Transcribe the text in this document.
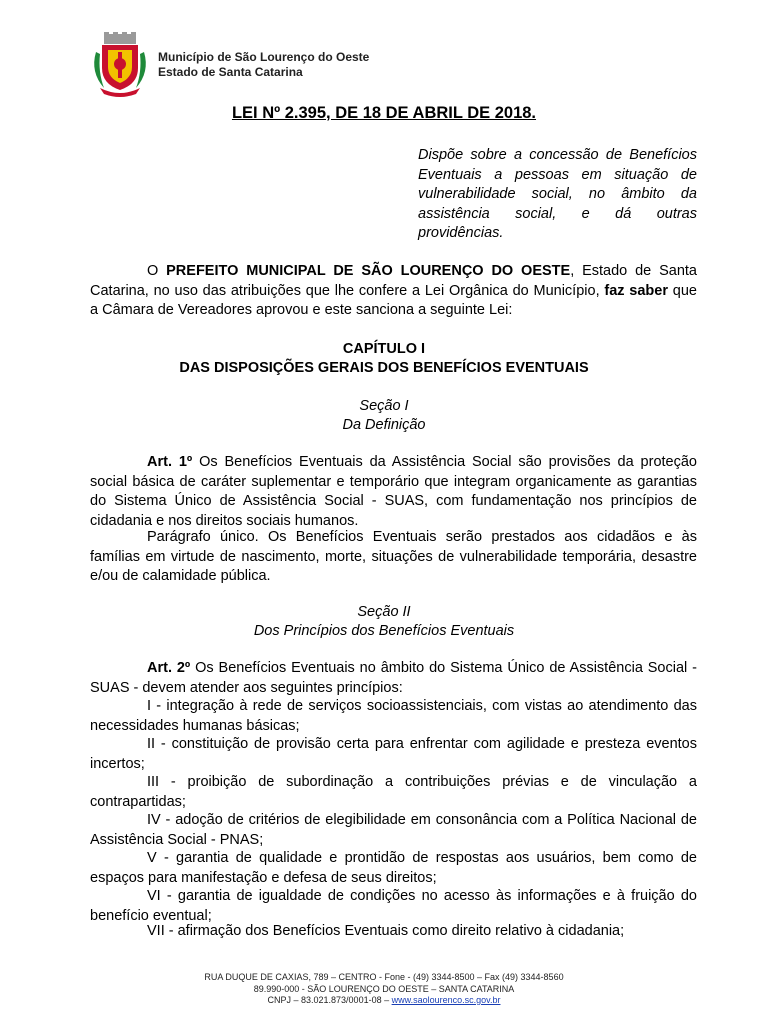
Município de São Lourenço do Oeste
Estado de Santa Catarina
LEI Nº 2.395, DE 18 DE ABRIL DE 2018.
Dispõe sobre a concessão de Benefícios Eventuais a pessoas em situação de vulnerabilidade social, no âmbito da assistência social, e dá outras providências.
O PREFEITO MUNICIPAL DE SÃO LOURENÇO DO OESTE, Estado de Santa Catarina, no uso das atribuições que lhe confere a Lei Orgânica do Município, faz saber que a Câmara de Vereadores aprovou e este sanciona a seguinte Lei:
CAPÍTULO I
DAS DISPOSIÇÕES GERAIS DOS BENEFÍCIOS EVENTUAIS
Seção I
Da Definição
Art. 1º Os Benefícios Eventuais da Assistência Social são provisões da proteção social básica de caráter suplementar e temporário que integram organicamente as garantias do Sistema Único de Assistência Social - SUAS, com fundamentação nos princípios de cidadania e nos direitos sociais humanos.
Parágrafo único. Os Benefícios Eventuais serão prestados aos cidadãos e às famílias em virtude de nascimento, morte, situações de vulnerabilidade temporária, desastre e/ou de calamidade pública.
Seção II
Dos Princípios dos Benefícios Eventuais
Art. 2º Os Benefícios Eventuais no âmbito do Sistema Único de Assistência Social - SUAS - devem atender aos seguintes princípios:
I - integração à rede de serviços socioassistenciais, com vistas ao atendimento das necessidades humanas básicas;
II - constituição de provisão certa para enfrentar com agilidade e presteza eventos incertos;
III - proibição de subordinação a contribuições prévias e de vinculação a contrapartidas;
IV - adoção de critérios de elegibilidade em consonância com a Política Nacional de Assistência Social - PNAS;
V - garantia de qualidade e prontidão de respostas aos usuários, bem como de espaços para manifestação e defesa de seus direitos;
VI - garantia de igualdade de condições no acesso às informações e à fruição do benefício eventual;
VII - afirmação dos Benefícios Eventuais como direito relativo à cidadania;
RUA DUQUE DE CAXIAS, 789 – CENTRO - Fone - (49) 3344-8500 – Fax (49) 3344-8560
89.990-000 - SÃO LOURENÇO DO OESTE – SANTA CATARINA
CNPJ – 83.021.873/0001-08 – www.saolourenco.sc.gov.br
